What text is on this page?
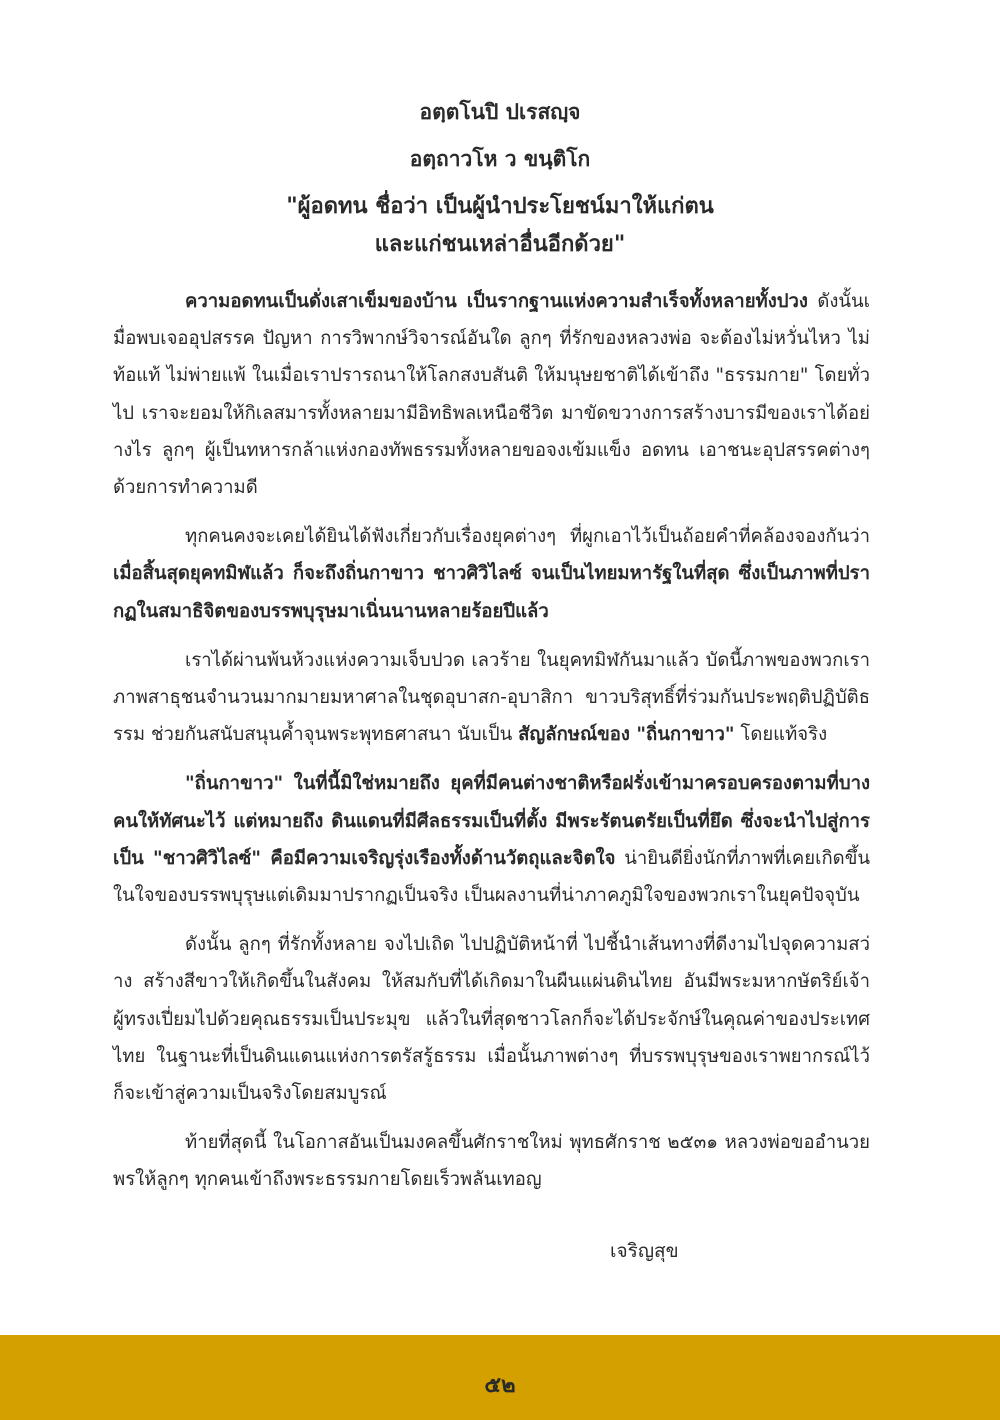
อตฺตโนปิ ปเรสญฺจ
อตฺถาวโห ว ขนฺติโก
"ผู้อดทน ชื่อว่า เป็นผู้นำประโยชน์มาให้แก่ตน
และแก่ชนเหล่าอื่นอีกด้วย"

ความอดทนเป็นดั่งเสาเข็มของบ้าน เป็นรากฐานแห่งความสำเร็จทั้งหลายทั้งปวง ดังนั้นเมื่อพบเจออุปสรรค ปัญหา การวิพากษ์วิจารณ์อันใด ลูกๆ ที่รักของหลวงพ่อ จะต้องไม่หวั่นไหว ไม่ท้อแท้ ไม่พ่ายแพ้ ในเมื่อเราปรารถนาให้โลกสงบสันติ ให้มนุษยชาติได้เข้าถึง "ธรรมกาย" โดยทั่วไป เราจะยอมให้กิเลสมารทั้งหลายมามีอิทธิพลเหนือชีวิต มาขัดขวางการสร้างบารมีของเราได้อย่างไร ลูกๆ ผู้เป็นทหารกล้าแห่งกองทัพธรรมทั้งหลายขอจงเข้มแข็ง อดทน เอาชนะอุปสรรคต่างๆ ด้วยการทำความดี

ทุกคนคงจะเคยได้ยินได้ฟังเกี่ยวกับเรื่องยุคต่างๆ ที่ผูกเอาไว้เป็นถ้อยคำที่คล้องจองกันว่า เมื่อสิ้นสุดยุคทมิฬแล้ว ก็จะถึงถิ่นกาขาว ชาวศิวิไลซ์ จนเป็นไทยมหารัฐในที่สุด ซึ่งเป็นภาพที่ปรากฏในสมาธิจิตของบรรพบุรุษมาเนิ่นนานหลายร้อยปีแล้ว

เราได้ผ่านพ้นห้วงแห่งความเจ็บปวด เลวร้าย ในยุคทมิฬกันมาแล้ว บัดนี้ภาพของพวกเรา ภาพสาธุชนจำนวนมากมายมหาศาลในชุดอุบาสก-อุบาสิกา ขาวบริสุทธิ์ที่ร่วมกันประพฤติปฏิบัติธรรม ช่วยกันสนับสนุนค้ำจุนพระพุทธศาสนา นับเป็น สัญลักษณ์ของ "ถิ่นกาขาว" โดยแท้จริง

"ถิ่นกาขาว" ในที่นี้มิใช่หมายถึง ยุคที่มีคนต่างชาติหรือฝรั่งเข้ามาครอบครองตามที่บางคนให้ทัศนะไว้ แต่หมายถึง ดินแดนที่มีศีลธรรมเป็นที่ตั้ง มีพระรัตนตรัยเป็นที่ยึด ซึ่งจะนำไปสู่การเป็น "ชาวศิวิไลซ์" คือมีความเจริญรุ่งเรืองทั้งด้านวัตถุและจิตใจ น่ายินดียิ่งนักที่ภาพที่เคยเกิดขึ้นในใจของบรรพบุรุษแต่เดิมมาปรากฏเป็นจริง เป็นผลงานที่น่าภาคภูมิใจของพวกเราในยุคปัจจุบัน

ดังนั้น ลูกๆ ที่รักทั้งหลาย จงไปเถิด ไปปฏิบัติหน้าที่ ไปชี้นำเส้นทางที่ดีงามไปจุดความสว่าง สร้างสีขาวให้เกิดขึ้นในสังคม ให้สมกับที่ได้เกิดมาในผืนแผ่นดินไทย อันมีพระมหากษัตริย์เจ้า ผู้ทรงเปี่ยมไปด้วยคุณธรรมเป็นประมุข แล้วในที่สุดชาวโลกก็จะได้ประจักษ์ในคุณค่าของประเทศไทย ในฐานะที่เป็นดินแดนแห่งการตรัสรู้ธรรม เมื่อนั้นภาพต่างๆ ที่บรรพบุรุษของเราพยากรณ์ไว้ ก็จะเข้าสู่ความเป็นจริงโดยสมบูรณ์

ท้ายที่สุดนี้ ในโอกาสอันเป็นมงคลขึ้นศักราชใหม่ พุทธศักราช ๒๕๓๑ หลวงพ่อขออำนวยพรให้ลูกๆ ทุกคนเข้าถึงพระธรรมกายโดยเร็วพลันเทอญ

เจริญสุข
๕๒
